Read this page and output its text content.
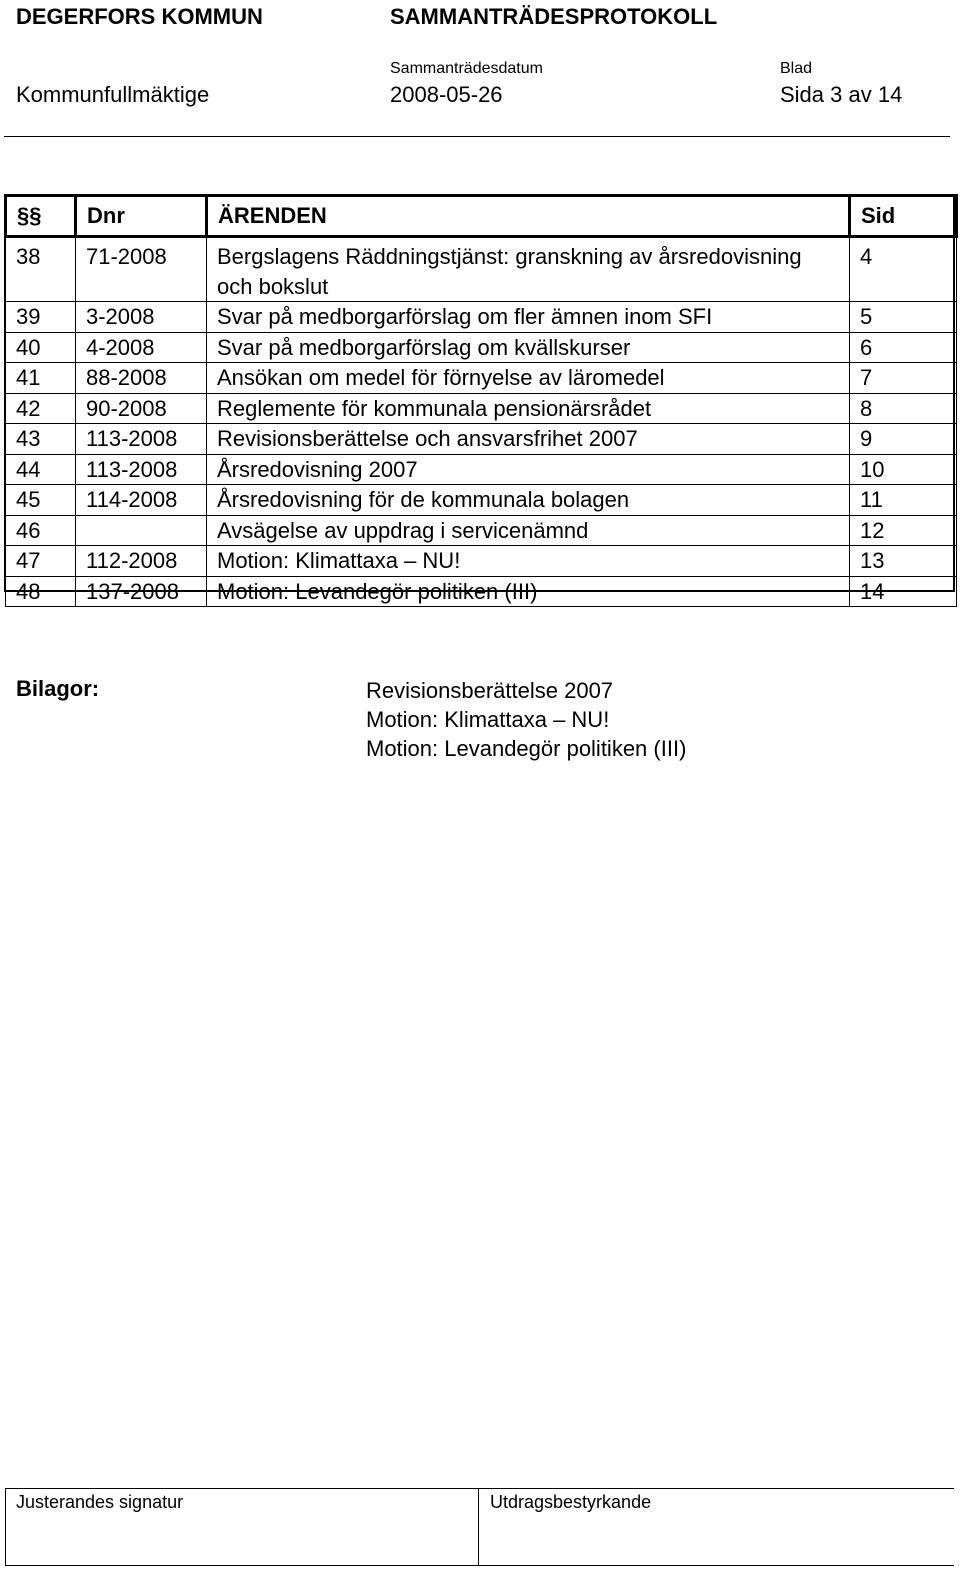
DEGERFORS KOMMUN	SAMMANTRÄDESPROTOKOLL
Sammanträdesdatum	Blad
Kommunfullmäktige	2008-05-26	Sida 3 av 14
§§	Dnr	ÄRENDEN	Sid
38	71-2008	Bergslagens Räddningstjänst: granskning av årsredovisning och bokslut	4
39	3-2008	Svar på medborgarförslag om fler ämnen inom SFI	5
40	4-2008	Svar på medborgarförslag om kvällskurser	6
41	88-2008	Ansökan om medel för förnyelse av läromedel	7
42	90-2008	Reglemente för kommunala pensionärsrådet	8
43	113-2008	Revisionsberättelse och ansvarsfrihet 2007	9
44	113-2008	Årsredovisning 2007	10
45	114-2008	Årsredovisning för de kommunala bolagen	11
46		Avsägelse av uppdrag i servicenämnd	12
47	112-2008	Motion: Klimattaxa – NU!	13
48	137-2008	Motion: Levandegör politiken (III)	14
Bilagor:	Revisionsberättelse 2007
Motion: Klimattaxa – NU!
Motion: Levandegör politiken (III)
Justerandes signatur	Utdragsbestyrkande
